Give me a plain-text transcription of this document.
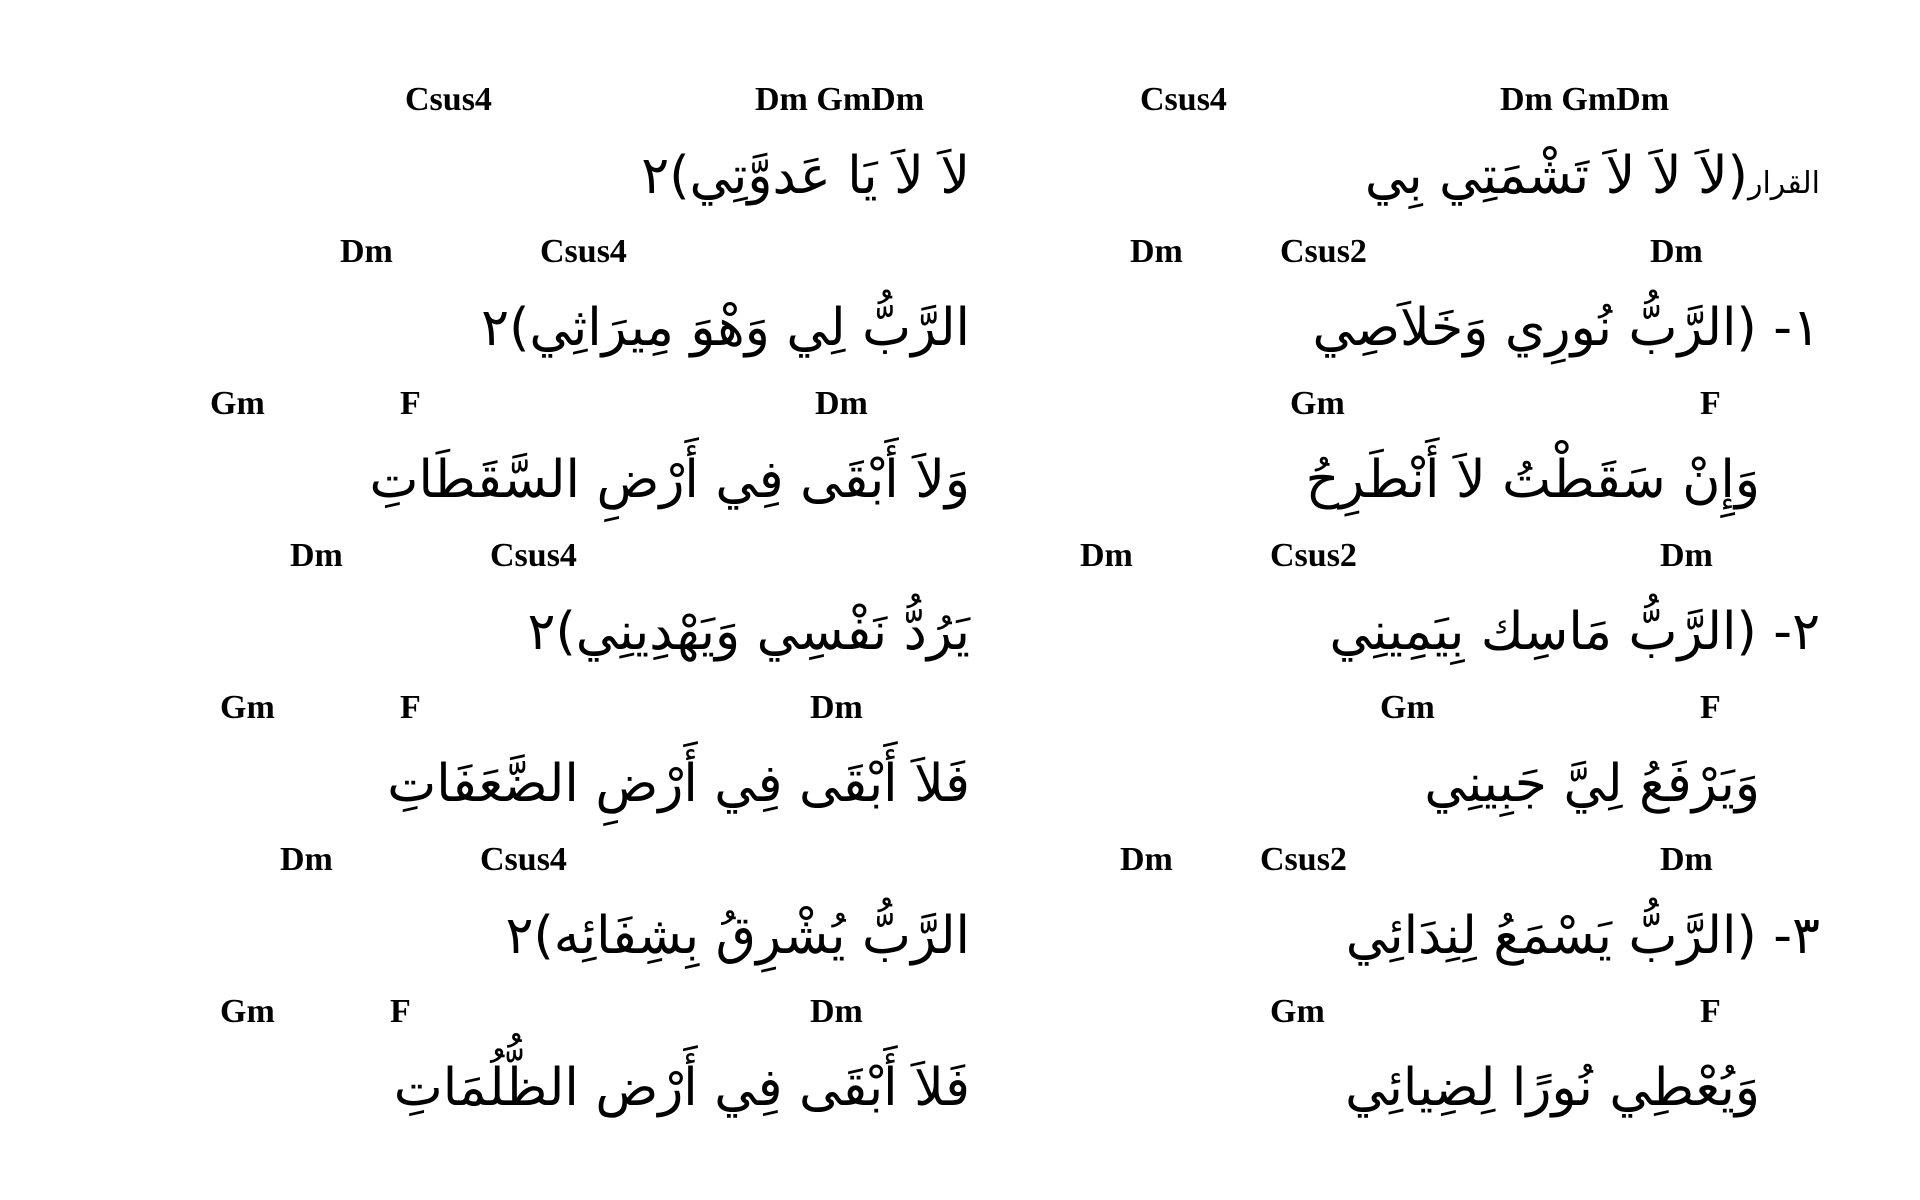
Csus4	Dm GmDm
القرار(لاَ لاَ لاَ تَشْمَتِي بِي
Dm	Csus2	Dm
١- (الرَّبُّ نُورِي وَخَلاَصِي
Gm	F
وَإِنْ سَقَطْتُ لاَ أَنْطَرِحُ
Dm	Csus2	Dm
٢- (الرَّبُّ مَاسِك بِيَمِينِي
Gm	F
وَيَرْفَعُ لِيَّ جَبِينِي
Dm	Csus2	Dm
٣- (الرَّبُّ يَسْمَعُ لِنِدَائِي
Gm	F
وَيُعْطِي نُورًا لِضِيائِي
Csus4	Dm GmDm
لاَ لاَ يَا عَدوَّتِي)٢
Dm	Csus4
الرَّبُّ لِي وَهْوَ مِيرَاثِي)٢
Gm	F	Dm
وَلاَ أَبْقَى فِي أَرْضِ السَّقَطَاتِ
Dm	Csus4
يَرُدُّ نَفْسِي وَيَهْدِينِي)٢
Gm	F	Dm
فَلاَ أَبْقَى فِي أَرْضِ الضَّعَفَاتِ
Dm	Csus4
الرَّبُّ يُشْرِقُ بِشِفَائِه)٢
Gm	F	Dm
فَلاَ أَبْقَى فِي أَرْض الظُّلُمَاتِ
